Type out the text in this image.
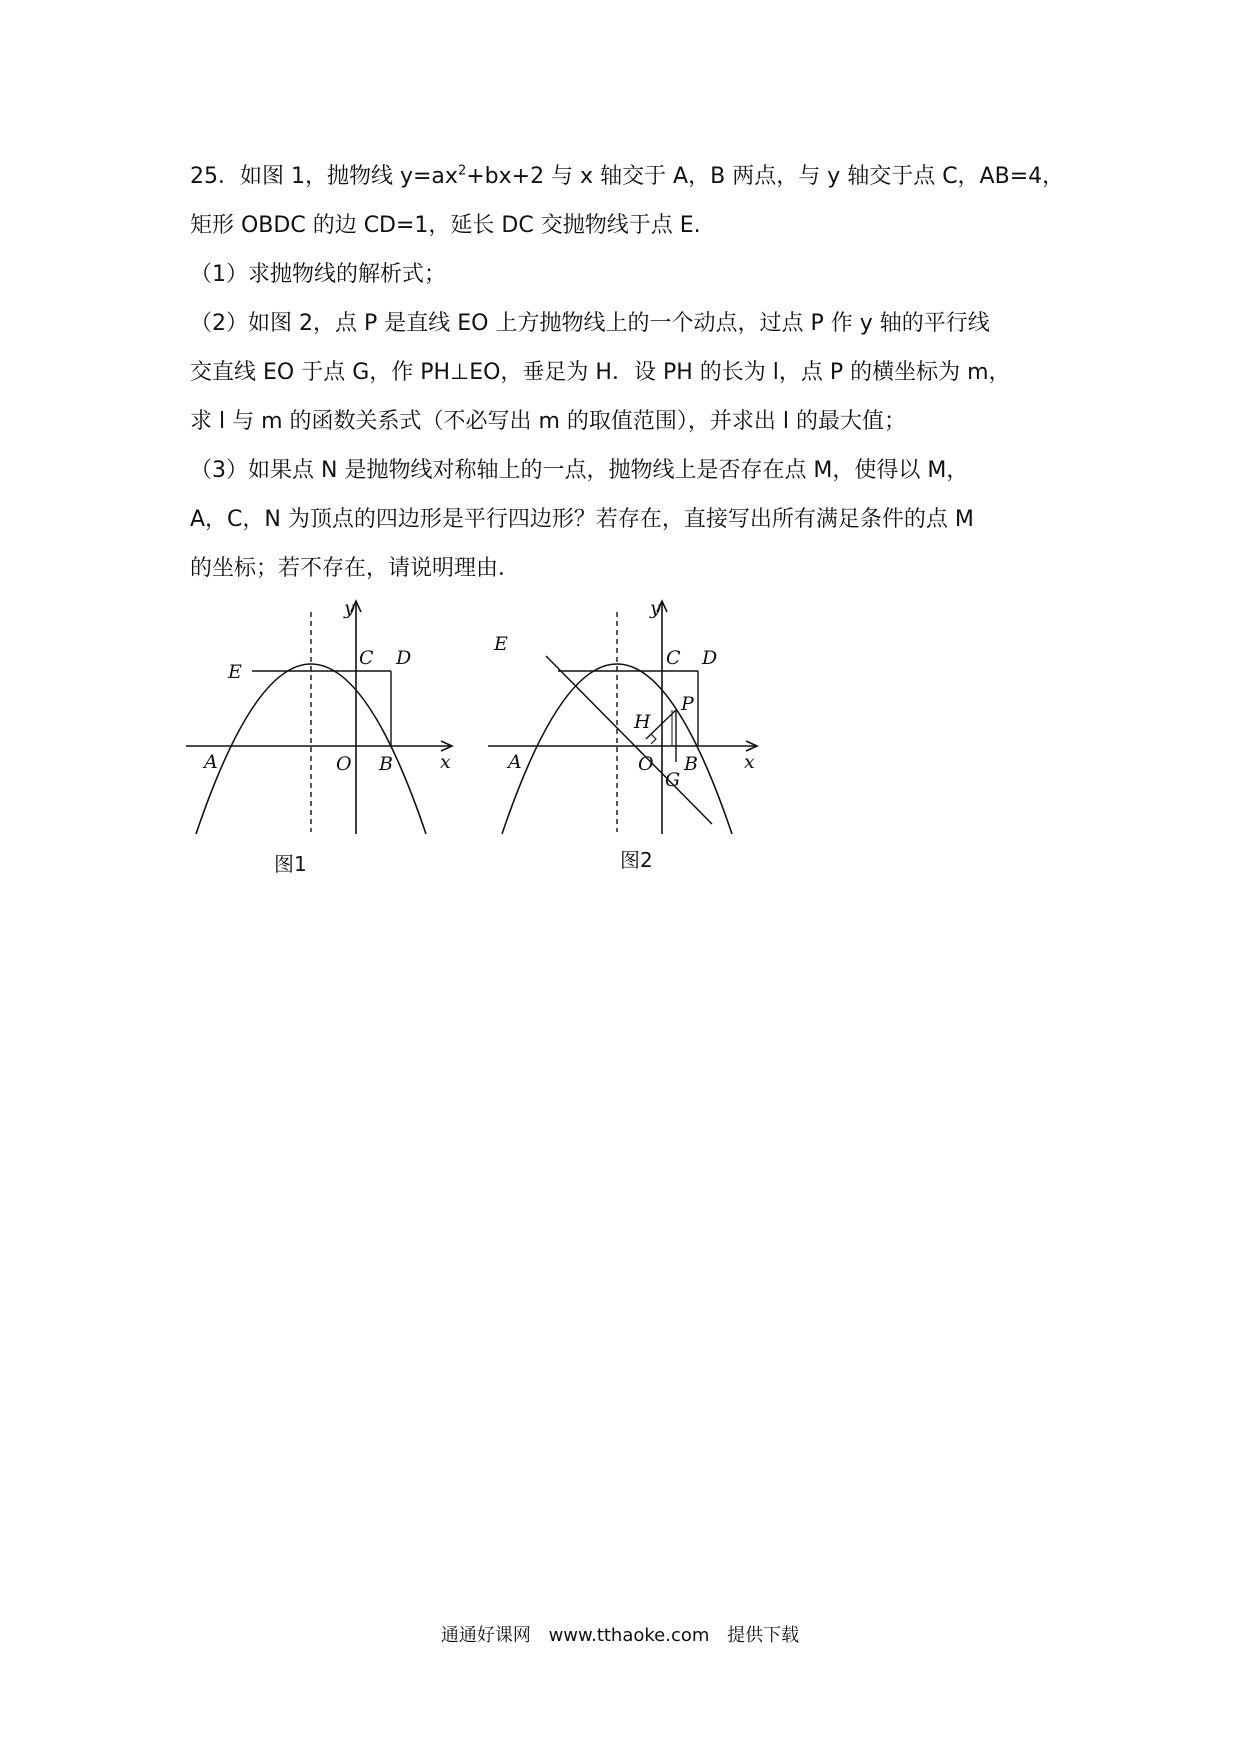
25．如图 1，抛物线 $y=ax^2+bx+2$ 与 x 轴交于 A，B 两点，与 y 轴交于点 C，AB=4，
矩形 OBDC 的边 CD=1，延长 DC 交抛物线于点 E.
（1）求抛物线的解析式；
（2）如图 2，点 P 是直线 EO 上方抛物线上的一个动点，过点 P 作 y 轴的平行线
交直线 EO 于点 G，作 PH⊥EO，垂足为 H．设 PH 的长为 l，点 P 的横坐标为 m，
求 l 与 m 的函数关系式（不必写出 m 的取值范围），并求出 l 的最大值；
（3）如果点 N 是抛物线对称轴上的一点，抛物线上是否存在点 M，使得以 M，
A，C，N 为顶点的四边形是平行四边形？若存在，直接写出所有满足条件的点 M
的坐标；若不存在，请说明理由．
E
C D
A	O B x
y
图1
E
C D
P
H
A	O
G
B x
y
图2
通通好课网 www.tthaoke.com 提供下载
